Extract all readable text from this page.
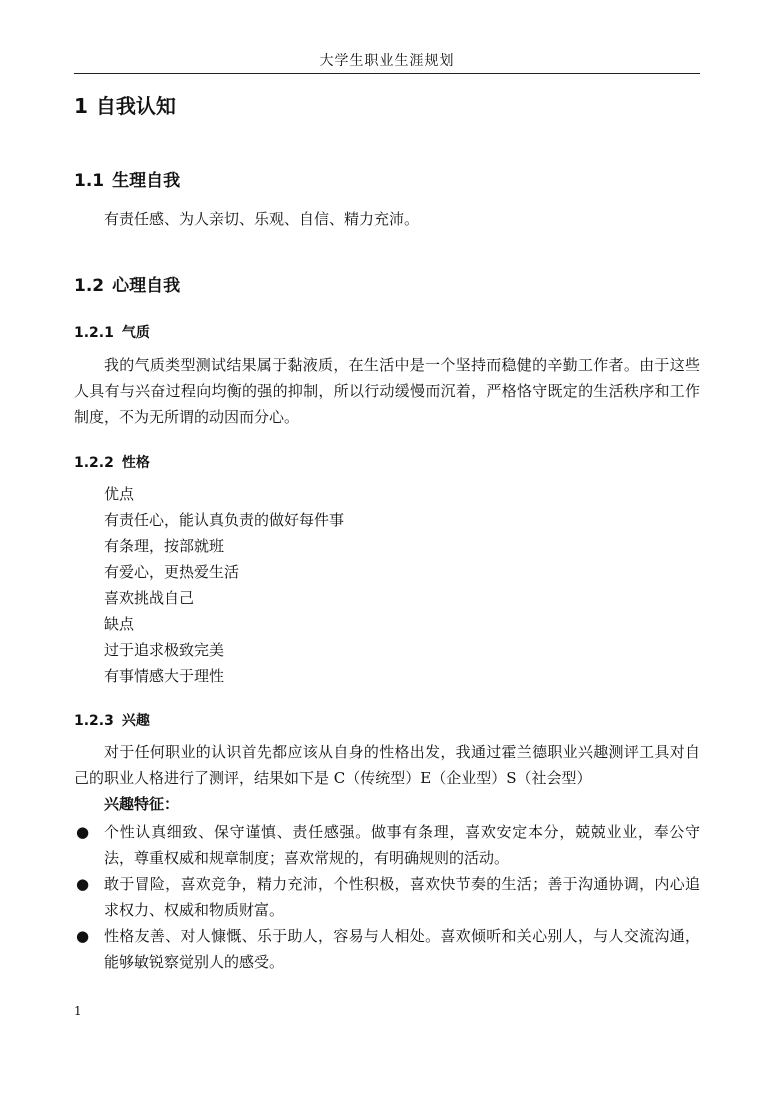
大学生职业生涯规划
1 自我认知
1.1 生理自我

有责任感、为人亲切、乐观、自信、精力充沛。

1.2 心理自我
1.2.1 气质

我的气质类型测试结果属于黏液质，在生活中是一个坚持而稳健的辛勤工作者。由于这些人具有与兴奋过程向均衡的强的抑制，所以行动缓慢而沉着，严格恪守既定的生活秩序和工作制度，不为无所谓的动因而分心。

1.2.2 性格
优点
有责任心，能认真负责的做好每件事
有条理，按部就班
有爱心，更热爱生活
喜欢挑战自己
缺点
过于追求极致完美
有事情感大于理性
1.2.3 兴趣

对于任何职业的认识首先都应该从自身的性格出发，我通过霍兰德职业兴趣测评工具对自己的职业人格进行了测评，结果如下是 C（传统型）E（企业型）S（社会型）

兴趣特征：
● 个性认真细致、保守谨慎、责任感强。做事有条理，喜欢安定本分，兢兢业业，奉公守法，尊重权威和规章制度；喜欢常规的，有明确规则的活动。
● 敢于冒险，喜欢竞争，精力充沛，个性积极，喜欢快节奏的生活；善于沟通协调，内心追求权力、权威和物质财富。
● 性格友善、对人慷慨、乐于助人，容易与人相处。喜欢倾听和关心别人，与人交流沟通，能够敏锐察觉别人的感受。
1
